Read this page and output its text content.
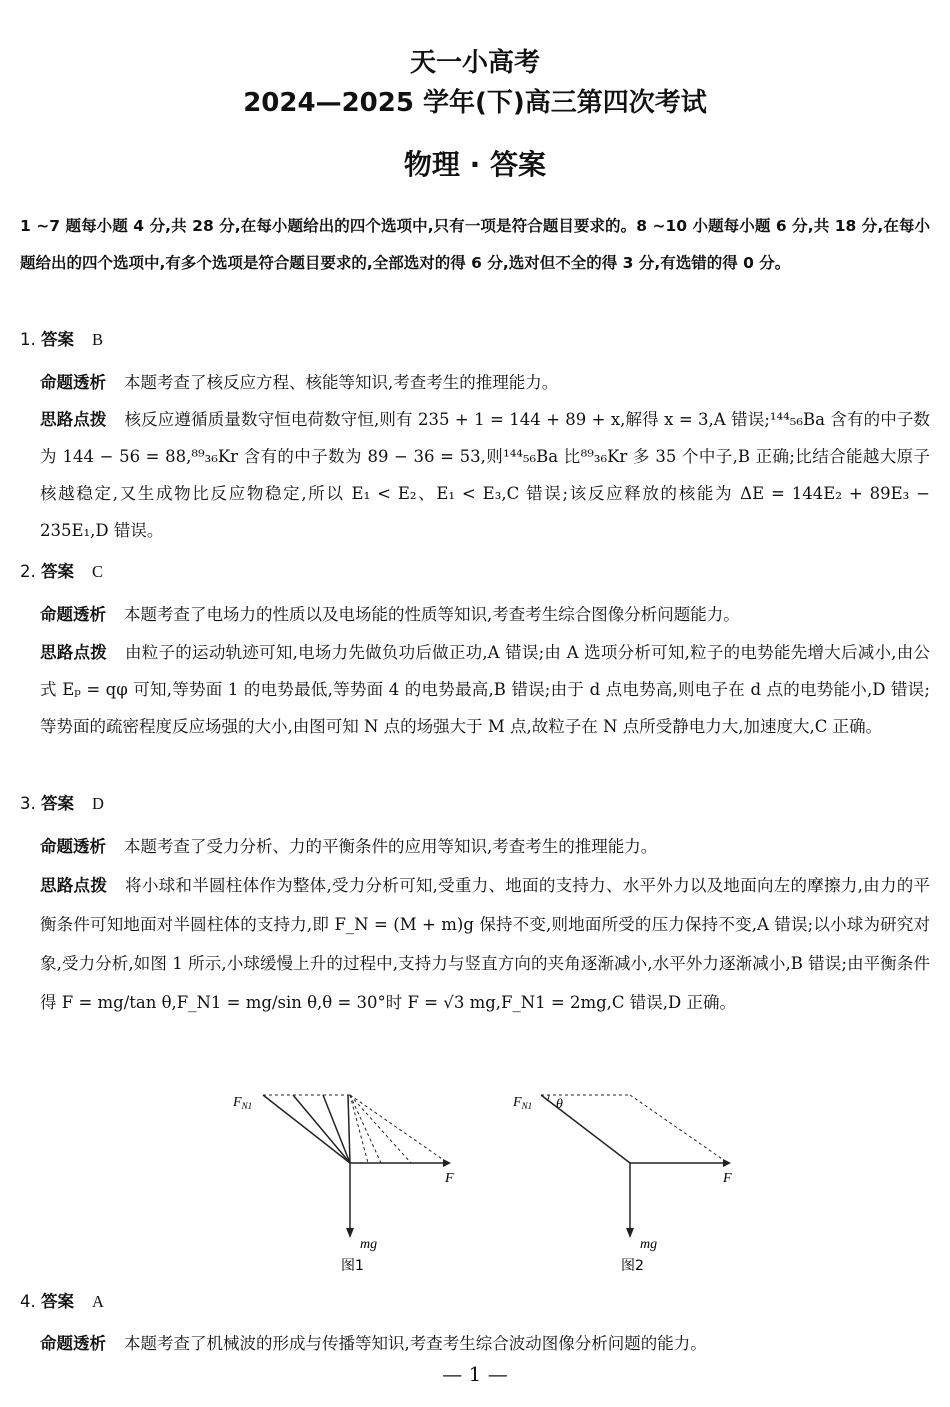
天一小高考
2024—2025 学年(下)高三第四次考试
物理 · 答案
1 ~7 题每小题 4 分,共 28 分,在每小题给出的四个选项中,只有一项是符合题目要求的。8 ~10 小题每小题 6 分,共 18 分,在每小题给出的四个选项中,有多个选项是符合题目要求的,全部选对的得 6 分,选对但不全的得 3 分,有选错的得 0 分。
1. 答案 B
命题透析 本题考查了核反应方程、核能等知识,考查考生的推理能力。
思路点拨 核反应遵循质量数守恒电荷数守恒,则有 235 + 1 = 144 + 89 + x,解得 x = 3,A 错误;¹⁴⁴₅₆Ba 含有的中子数为 144 − 56 = 88,⁸⁹₃₆Kr 含有的中子数为 89 − 36 = 53,则¹⁴⁴₅₆Ba 比⁸⁹₃₆Kr 多 35 个中子,B 正确;比结合能越大原子核越稳定,又生成物比反应物稳定,所以 E₁ < E₂、E₁ < E₃,C 错误;该反应释放的核能为 ΔE = 144E₂ + 89E₃ − 235E₁,D 错误。
2. 答案 C
命题透析 本题考查了电场力的性质以及电场能的性质等知识,考查考生综合图像分析问题能力。
思路点拨 由粒子的运动轨迹可知,电场力先做负功后做正功,A 错误;由 A 选项分析可知,粒子的电势能先增大后减小,由公式 Eₚ = qφ 可知,等势面 1 的电势最低,等势面 4 的电势最高,B 错误;由于 d 点电势高,则电子在 d 点的电势能小,D 错误;等势面的疏密程度反应场强的大小,由图可知 N 点的场强大于 M 点,故粒子在 N 点所受静电力大,加速度大,C 正确。
3. 答案 D
命题透析 本题考查了受力分析、力的平衡条件的应用等知识,考查考生的推理能力。
思路点拨 将小球和半圆柱体作为整体,受力分析可知,受重力、地面的支持力、水平外力以及地面向左的摩擦力,由力的平衡条件可知地面对半圆柱体的支持力,即 F_N = (M + m)g 保持不变,则地面所受的压力保持不变,A 错误;以小球为研究对象,受力分析,如图 1 所示,小球缓慢上升的过程中,支持力与竖直方向的夹角逐渐减小,水平外力逐渐减小,B 错误;由平衡条件得 F = mg/tan θ,F_N1 = mg/sin θ,θ = 30°时 F = √3 mg,F_N1 = 2mg,C 错误,D 正确。
$F_{N1}$
F
mg
图1
$F_{N1}$ θ
F
mg
图2
4. 答案 A
命题透析 本题考查了机械波的形成与传播等知识,考查考生综合波动图像分析问题的能力。
— 1 —
